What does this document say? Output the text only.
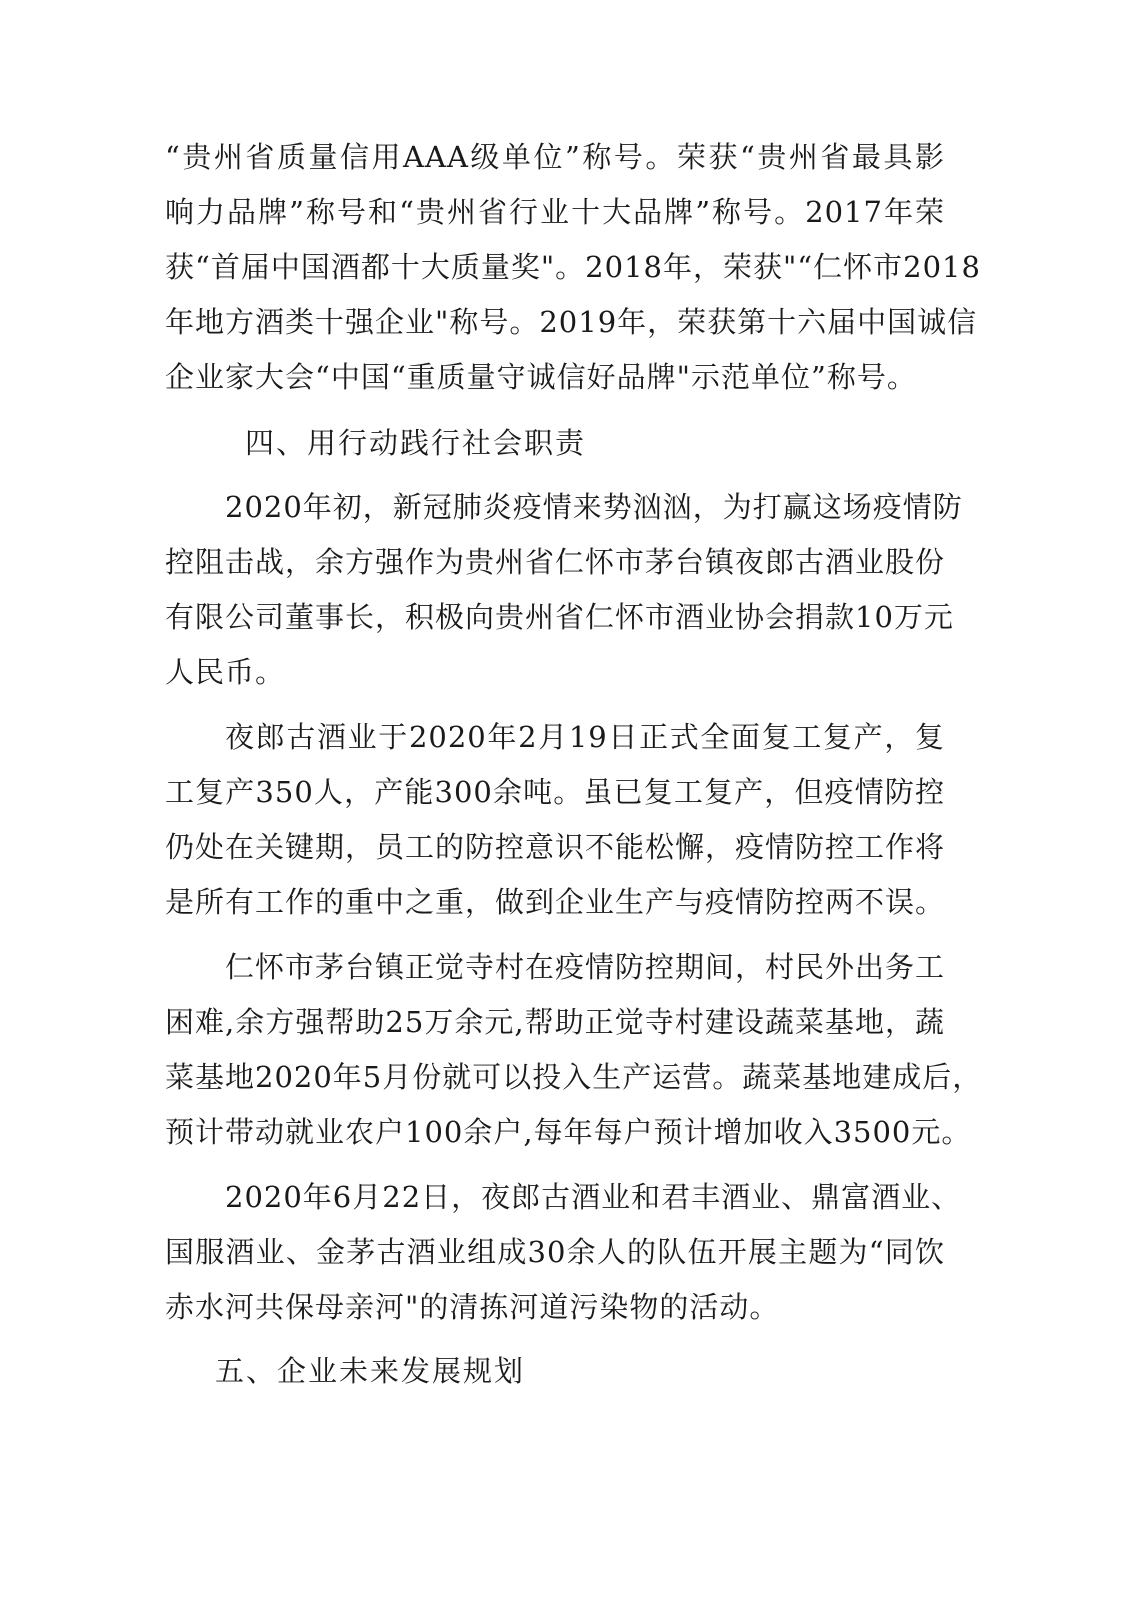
“贵州省质量信用AAA级单位”称号。荣获“贵州省最具影
响力品牌”称号和“贵州省行业十大品牌”称号。2017年荣
获“首届中国酒都十大质量奖"。2018年，荣获"“仁怀市2018
年地方酒类十强企业"称号。2019年，荣获第十六届中国诚信
企业家大会“中国“重质量守诚信好品牌"示范单位”称号。
四、用行动践行社会职责
2020年初，新冠肺炎疫情来势汹汹，为打赢这场疫情防
控阻击战，余方强作为贵州省仁怀市茅台镇夜郎古酒业股份
有限公司董事长，积极向贵州省仁怀市酒业协会捐款10万元
人民币。
夜郎古酒业于2020年2月19日正式全面复工复产，复
工复产350人，产能300余吨。虽已复工复产，但疫情防控
仍处在关键期，员工的防控意识不能松懈，疫情防控工作将
是所有工作的重中之重，做到企业生产与疫情防控两不误。
仁怀市茅台镇正觉寺村在疫情防控期间，村民外出务工
困难,余方强帮助25万余元,帮助正觉寺村建设蔬菜基地，蔬
菜基地2020年5月份就可以投入生产运营。蔬菜基地建成后，
预计带动就业农户100余户,每年每户预计增加收入3500元。
2020年6月22日，夜郎古酒业和君丰酒业、鼎富酒业、
国服酒业、金茅古酒业组成30余人的队伍开展主题为“同饮
赤水河共保母亲河"的清拣河道污染物的活动。
五、企业未来发展规划
